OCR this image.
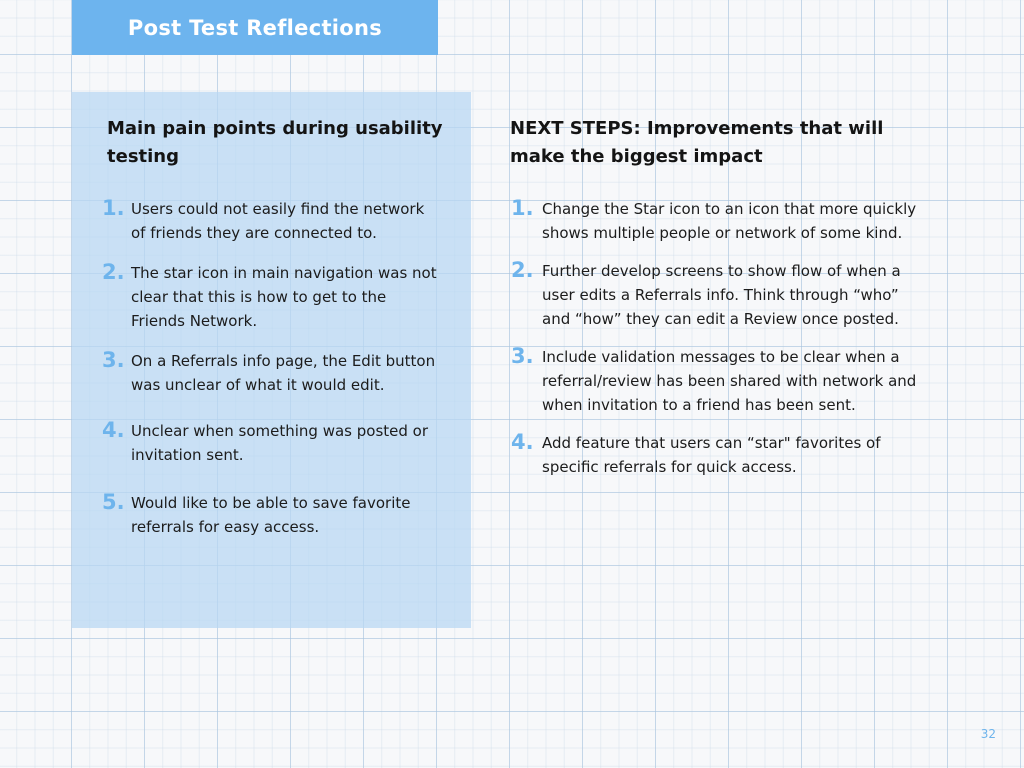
Post Test Reflections
Main pain points during usability testing
1. Users could not easily find the network of friends they are connected to.
2. The star icon in main navigation was not clear that this is how to get to the Friends Network.
3. On a Referrals info page, the Edit button was unclear of what it would edit.
4. Unclear when something was posted or invitation sent.
5. Would like to be able to save favorite referrals for easy access.
NEXT STEPS: Improvements that will make the biggest impact
1. Change the Star icon to an icon that more quickly shows multiple people or network of some kind.
2. Further develop screens to show flow of when a user edits a Referrals info. Think through “who” and “how” they can edit a Review once posted.
3. Include validation messages to be clear when a referral/review has been shared with network and when invitation to a friend has been sent.
4. Add feature that users can “star" favorites of specific referrals for quick access.
32
